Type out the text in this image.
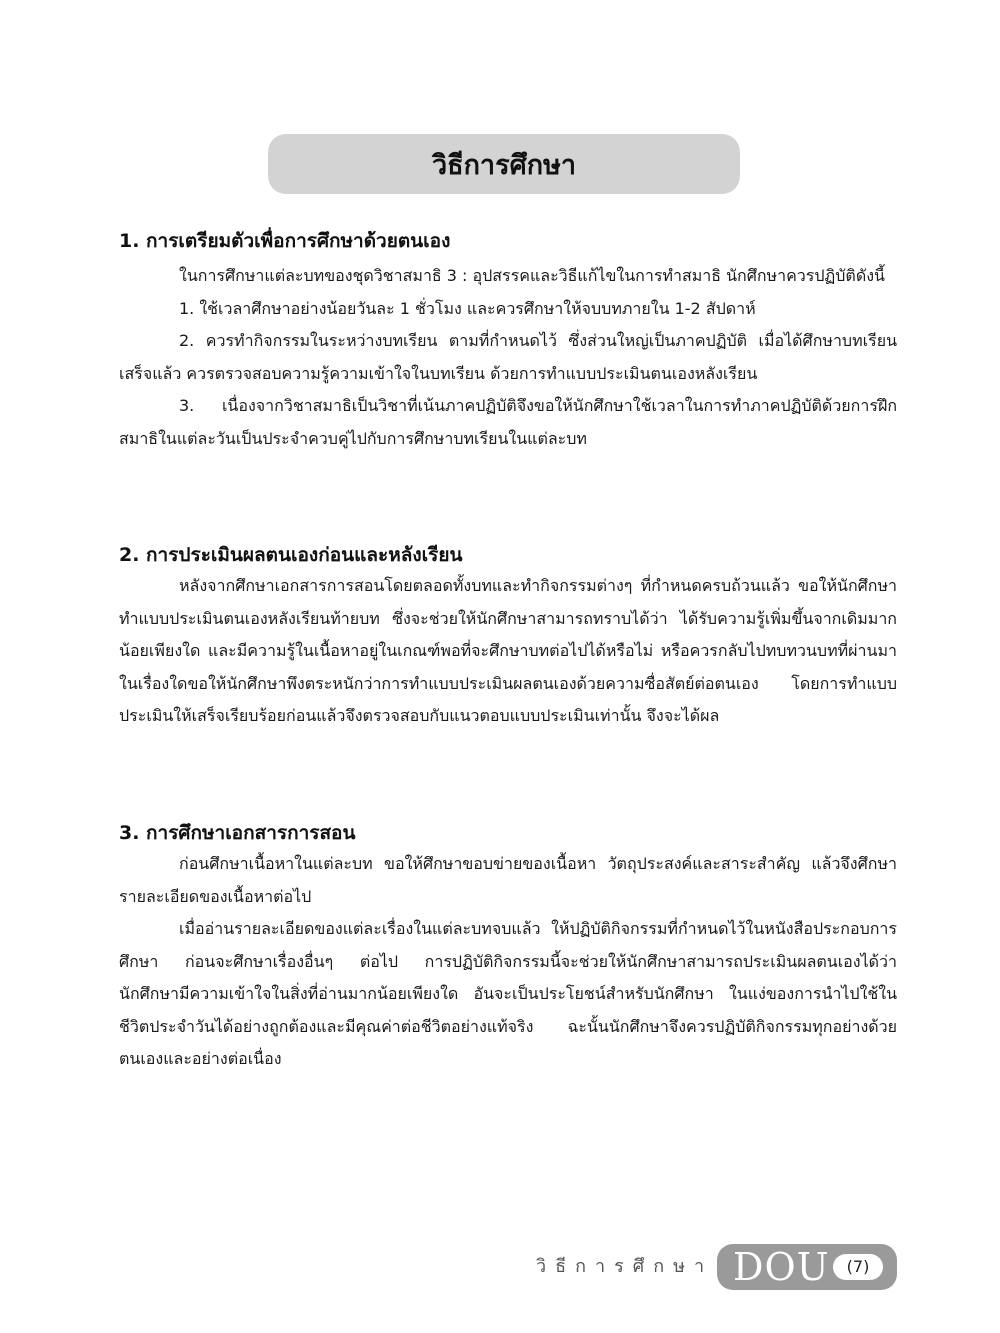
วิธีการศึกษา
1. การเตรียมตัวเพื่อการศึกษาด้วยตนเอง

ในการศึกษาแต่ละบทของชุดวิชาสมาธิ 3 : อุปสรรคและวิธีแก้ไขในการทำสมาธิ นักศึกษาควรปฏิบัติดังนี้

1. ใช้เวลาศึกษาอย่างน้อยวันละ 1 ชั่วโมง และควรศึกษาให้จบบทภายใน 1-2 สัปดาห์

2. ควรทำกิจกรรมในระหว่างบทเรียน ตามที่กำหนดไว้ ซึ่งส่วนใหญ่เป็นภาคปฏิบัติ เมื่อได้ศึกษาบทเรียนเสร็จแล้ว ควรตรวจสอบความรู้ความเข้าใจในบทเรียน ด้วยการทำแบบประเมินตนเองหลังเรียน

3. เนื่องจากวิชาสมาธิเป็นวิชาที่เน้นภาคปฏิบัติจึงขอให้นักศึกษาใช้เวลาในการทำภาคปฏิบัติด้วยการฝึกสมาธิในแต่ละวันเป็นประจำควบคู่ไปกับการศึกษาบทเรียนในแต่ละบท

2. การประเมินผลตนเองก่อนและหลังเรียน

หลังจากศึกษาเอกสารการสอนโดยตลอดทั้งบทและทำกิจกรรมต่างๆ ที่กำหนดครบถ้วนแล้ว ขอให้นักศึกษาทำแบบประเมินตนเองหลังเรียนท้ายบท ซึ่งจะช่วยให้นักศึกษาสามารถทราบได้ว่า ได้รับความรู้เพิ่มขึ้นจากเดิมมากน้อยเพียงใด และมีความรู้ในเนื้อหาอยู่ในเกณฑ์พอที่จะศึกษาบทต่อไปได้หรือไม่ หรือควรกลับไปทบทวนบทที่ผ่านมาในเรื่องใดขอให้นักศึกษาพึงตระหนักว่าการทำแบบประเมินผลตนเองด้วยความซื่อสัตย์ต่อตนเอง โดยการทำแบบประเมินให้เสร็จเรียบร้อยก่อนแล้วจึงตรวจสอบกับแนวตอบแบบประเมินเท่านั้น จึงจะได้ผล

3. การศึกษาเอกสารการสอน

ก่อนศึกษาเนื้อหาในแต่ละบท ขอให้ศึกษาขอบข่ายของเนื้อหา วัตถุประสงค์และสาระสำคัญ แล้วจึงศึกษารายละเอียดของเนื้อหาต่อไป

เมื่ออ่านรายละเอียดของแต่ละเรื่องในแต่ละบทจบแล้ว ให้ปฏิบัติกิจกรรมที่กำหนดไว้ในหนังสือประกอบการศึกษา ก่อนจะศึกษาเรื่องอื่นๆ ต่อไป การปฏิบัติกิจกรรมนี้จะช่วยให้นักศึกษาสามารถประเมินผลตนเองได้ว่า นักศึกษามีความเข้าใจในสิ่งที่อ่านมากน้อยเพียงใด อันจะเป็นประโยชน์สำหรับนักศึกษา ในแง่ของการนำไปใช้ในชีวิตประจำวันได้อย่างถูกต้องและมีคุณค่าต่อชีวิตอย่างแท้จริง ฉะนั้นนักศึกษาจึงควรปฏิบัติกิจกรรมทุกอย่างด้วยตนเองและอย่างต่อเนื่อง

วิธีการศึกษา DOU	(7)
